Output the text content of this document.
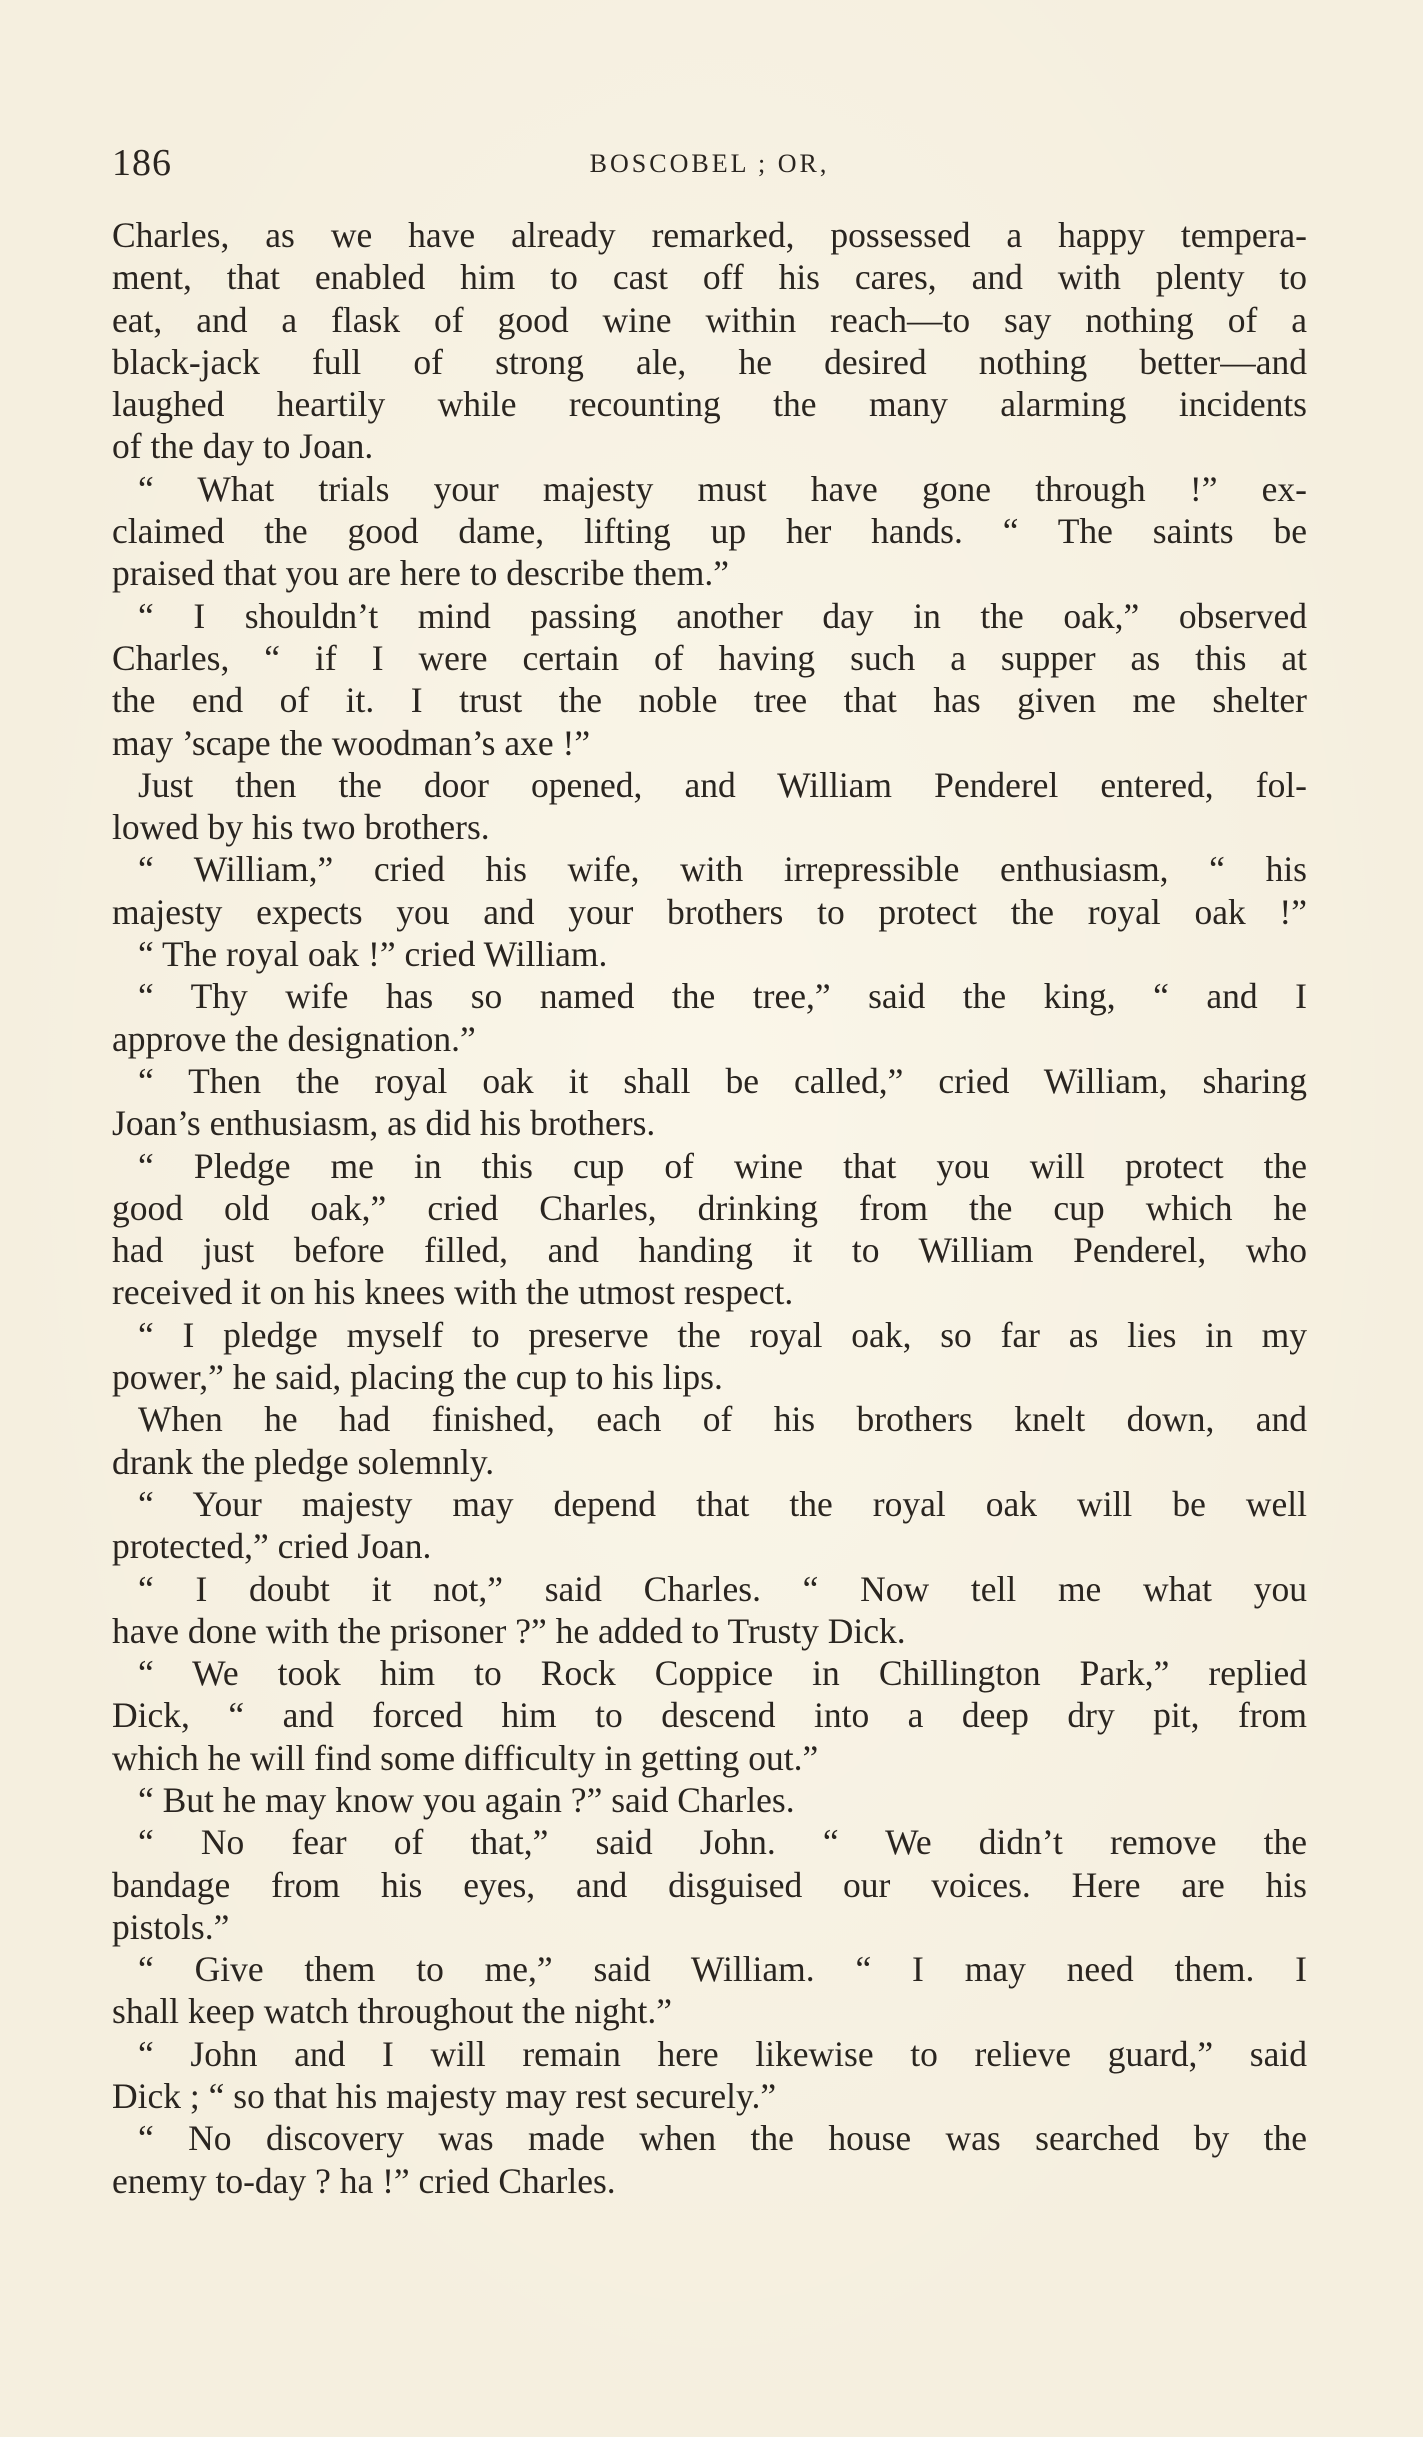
186	BOSCOBEL ; OR,
Charles, as we have already remarked, possessed a happy tempera-
ment, that enabled him to cast off his cares, and with plenty to
eat, and a flask of good wine within reach—to say nothing of a
black-jack full of strong ale, he desired nothing better—and
laughed heartily while recounting the many alarming incidents
of the day to Joan.
“ What trials your majesty must have gone through !” ex-
claimed the good dame, lifting up her hands. “ The saints be
praised that you are here to describe them.”
“ I shouldn’t mind passing another day in the oak,” observed
Charles, “ if I were certain of having such a supper as this at
the end of it. I trust the noble tree that has given me shelter
may ’scape the woodman’s axe !”
Just then the door opened, and William Penderel entered, fol-
lowed by his two brothers.
“ William,” cried his wife, with irrepressible enthusiasm, “ his
majesty expects you and your brothers to protect the royal oak !”
“ The royal oak !” cried William.
“ Thy wife has so named the tree,” said the king, “ and I
approve the designation.”
“ Then the royal oak it shall be called,” cried William, sharing
Joan’s enthusiasm, as did his brothers.
“ Pledge me in this cup of wine that you will protect the
good old oak,” cried Charles, drinking from the cup which he
had just before filled, and handing it to William Penderel, who
received it on his knees with the utmost respect.
“ I pledge myself to preserve the royal oak, so far as lies in my
power,” he said, placing the cup to his lips.
When he had finished, each of his brothers knelt down, and
drank the pledge solemnly.
“ Your majesty may depend that the royal oak will be well
protected,” cried Joan.
“ I doubt it not,” said Charles. “ Now tell me what you
have done with the prisoner ?” he added to Trusty Dick.
“ We took him to Rock Coppice in Chillington Park,” replied
Dick, “ and forced him to descend into a deep dry pit, from
which he will find some difficulty in getting out.”
“ But he may know you again ?” said Charles.
“ No fear of that,” said John. “ We didn’t remove the
bandage from his eyes, and disguised our voices. Here are his
pistols.”
“ Give them to me,” said William. “ I may need them. I
shall keep watch throughout the night.”
“ John and I will remain here likewise to relieve guard,” said
Dick ; “ so that his majesty may rest securely.”
“ No discovery was made when the house was searched by the
enemy to-day ? ha !” cried Charles.
